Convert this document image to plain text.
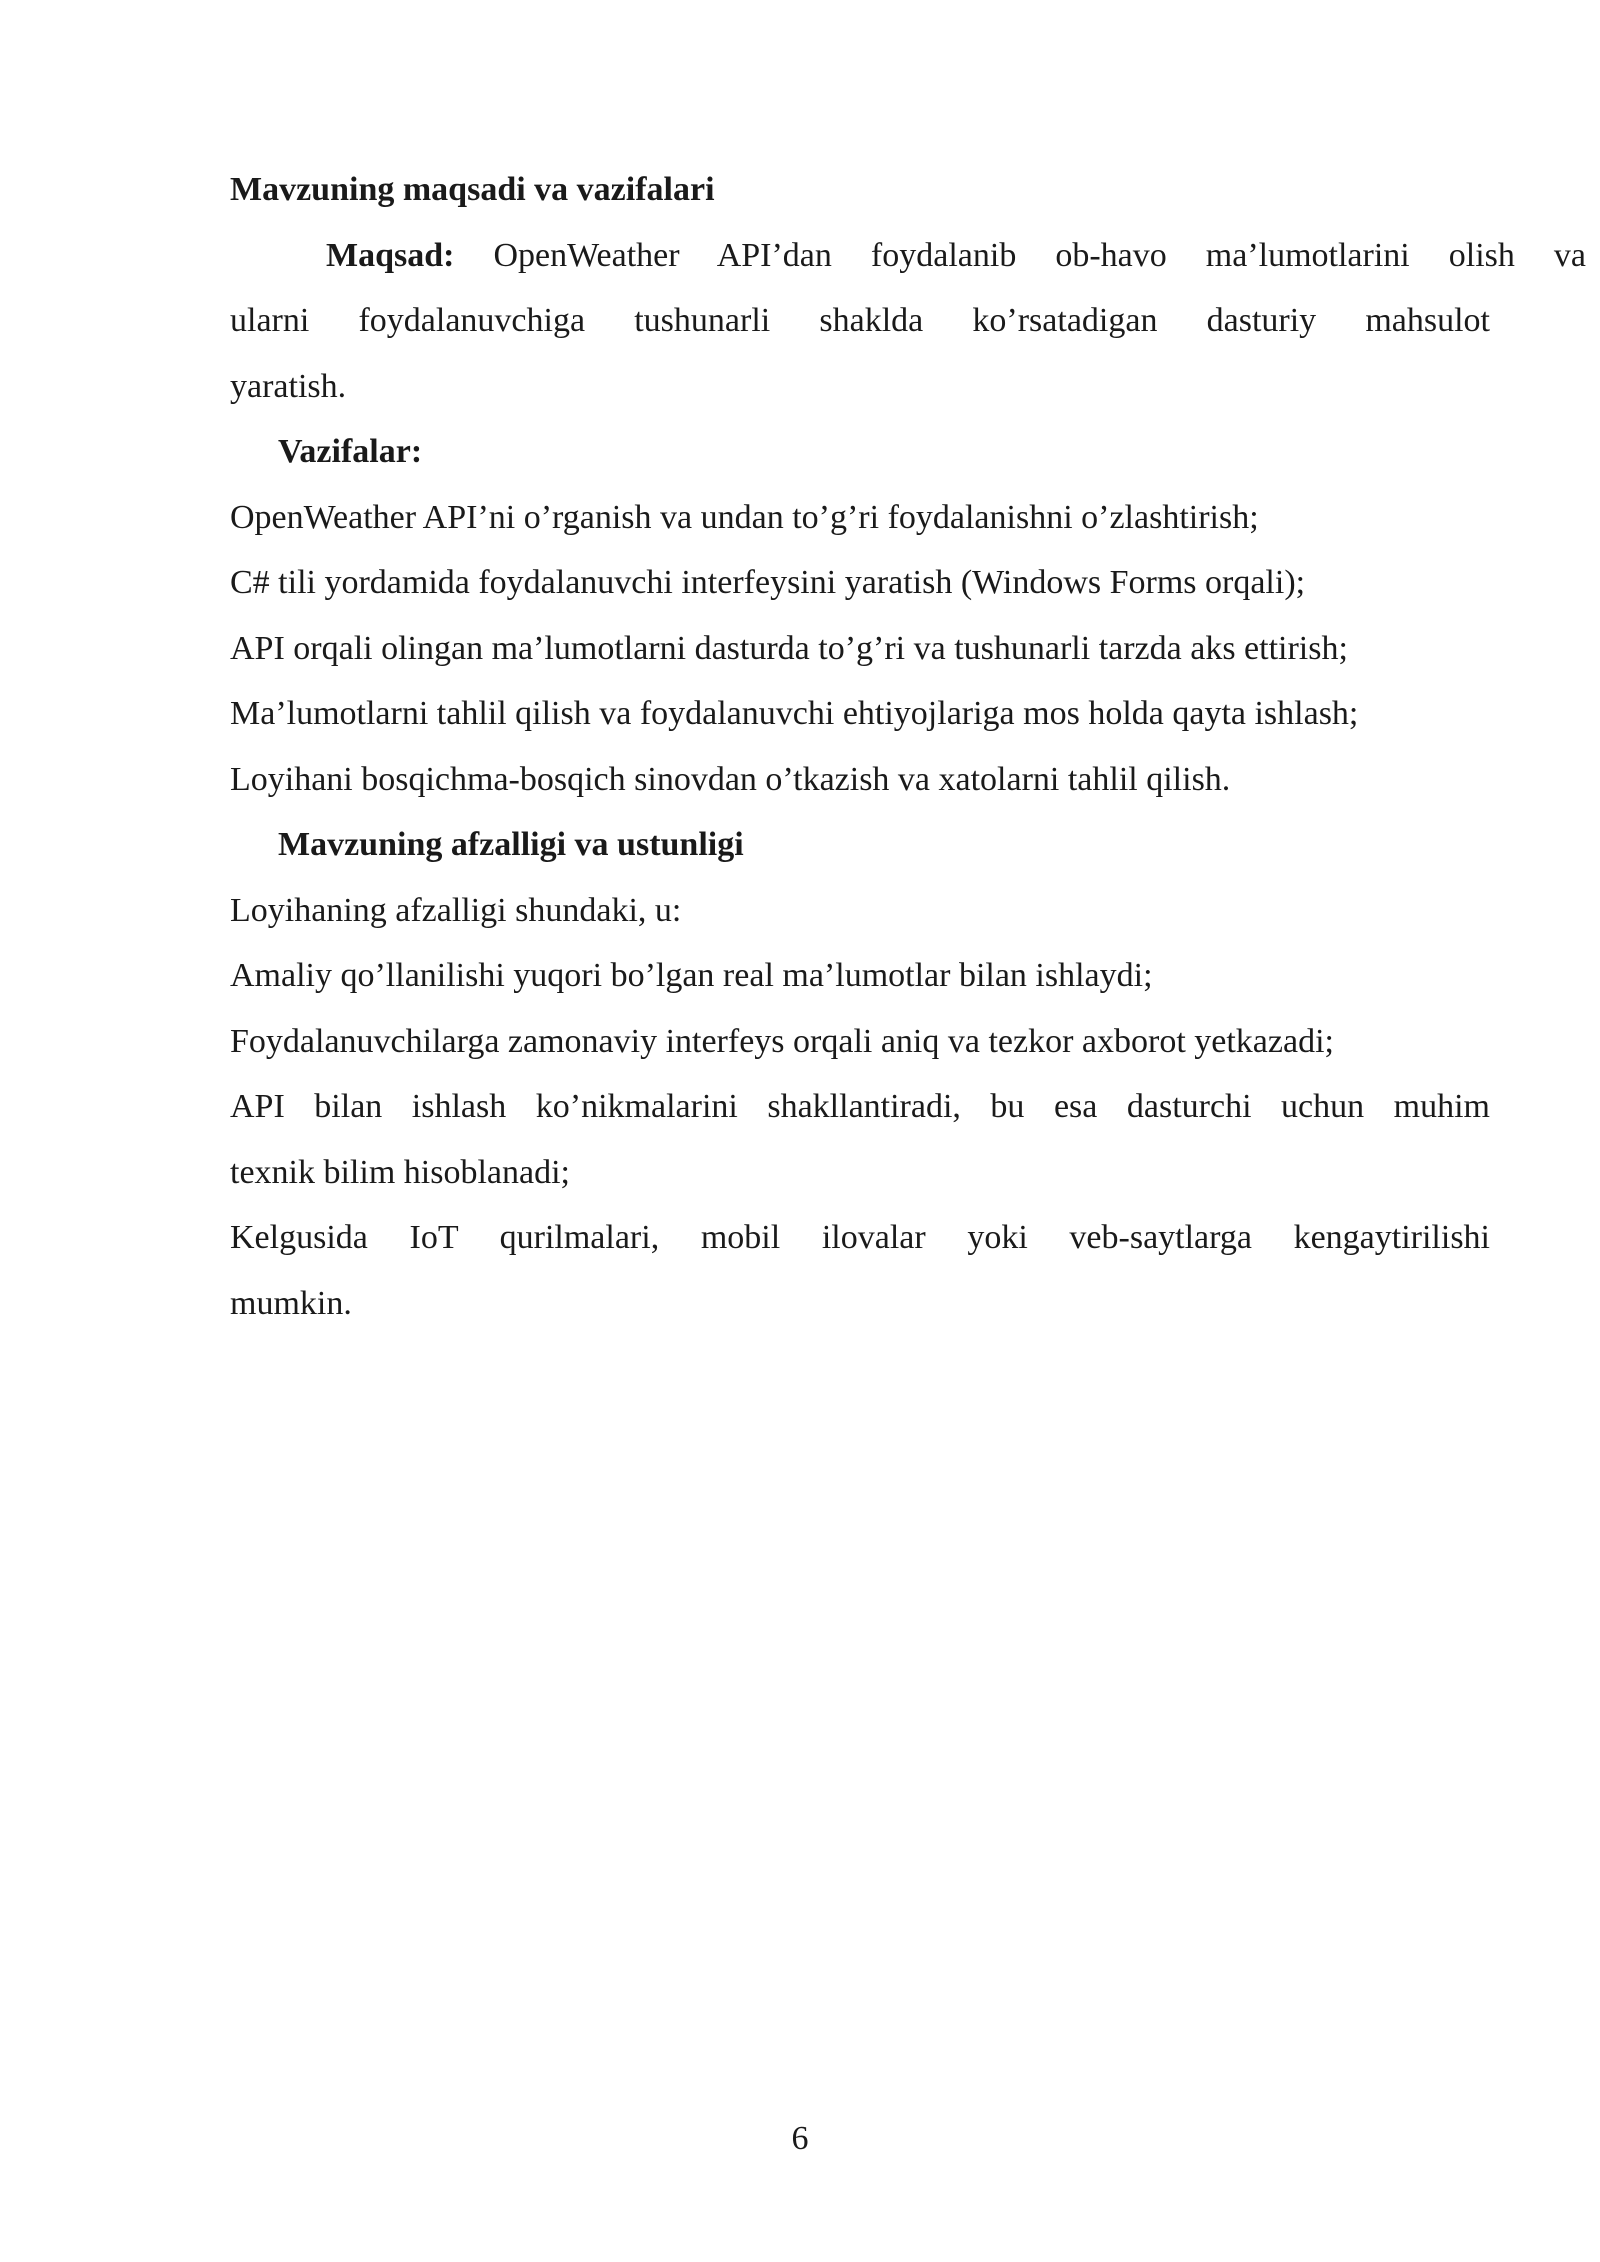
Mavzuning maqsadi va vazifalari
Maqsad: OpenWeather API’dan foydalanib ob-havo ma’lumotlarini olish va
ularni foydalanuvchiga tushunarli shaklda ko’rsatadigan dasturiy mahsulot
yaratish.
Vazifalar:
OpenWeather API’ni o’rganish va undan to’g’ri foydalanishni o’zlashtirish;
C# tili yordamida foydalanuvchi interfeysini yaratish (Windows Forms orqali);
API orqali olingan ma’lumotlarni dasturda to’g’ri va tushunarli tarzda aks ettirish;
Ma’lumotlarni tahlil qilish va foydalanuvchi ehtiyojlariga mos holda qayta ishlash;
Loyihani bosqichma-bosqich sinovdan o’tkazish va xatolarni tahlil qilish.
Mavzuning afzalligi va ustunligi
Loyihaning afzalligi shundaki, u:
Amaliy qo’llanilishi yuqori bo’lgan real ma’lumotlar bilan ishlaydi;
Foydalanuvchilarga zamonaviy interfeys orqali aniq va tezkor axborot yetkazadi;
API bilan ishlash ko’nikmalarini shakllantiradi, bu esa dasturchi uchun muhim
texnik bilim hisoblanadi;
Kelgusida IoT qurilmalari, mobil ilovalar yoki veb-saytlarga kengaytirilishi
mumkin.
6
